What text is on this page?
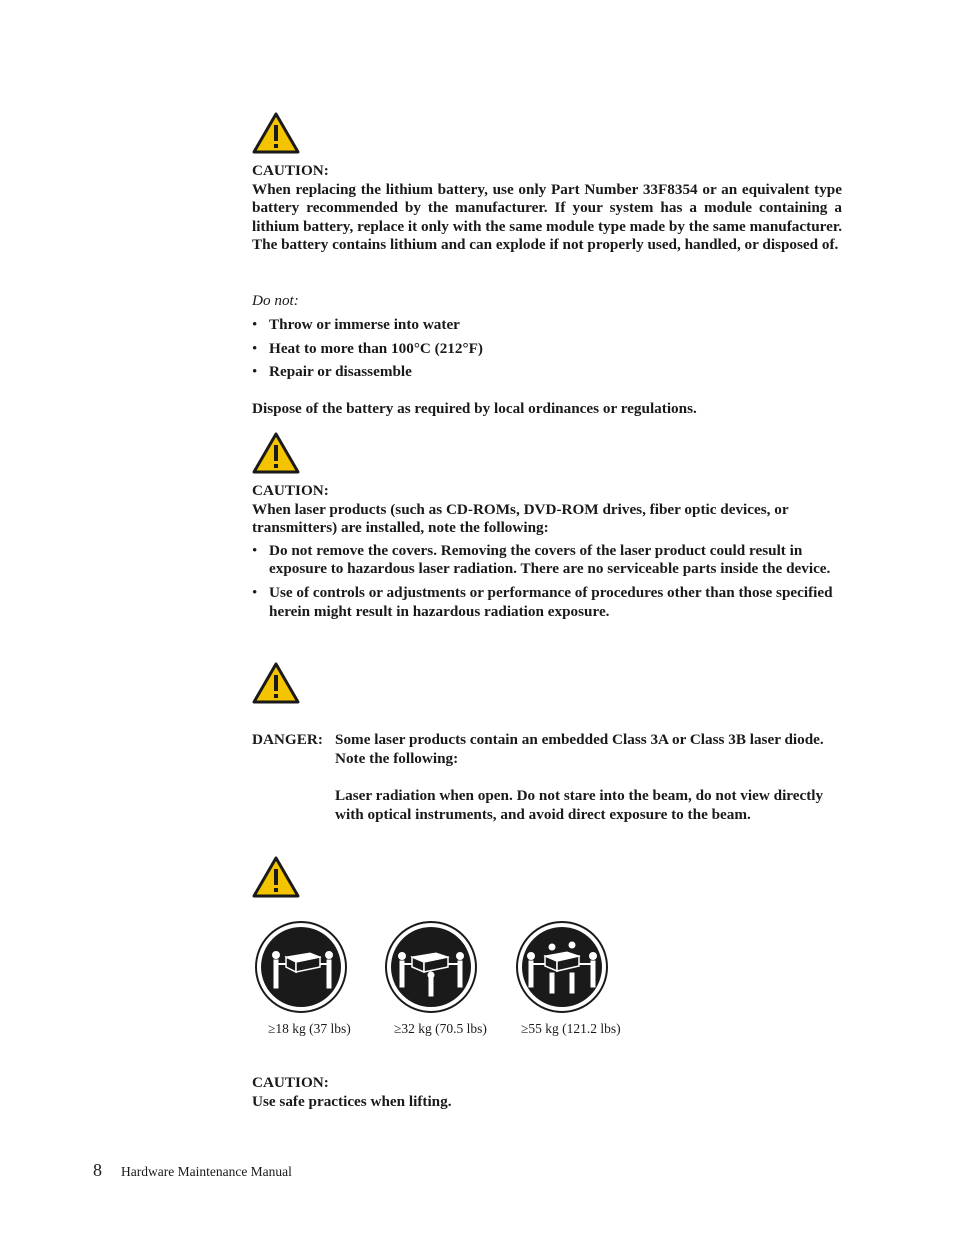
CAUTION:
When replacing the lithium battery, use only Part Number 33F8354 or an equivalent type battery recommended by the manufacturer. If your system has a module containing a lithium battery, replace it only with the same module type made by the same manufacturer. The battery contains lithium and can explode if not properly used, handled, or disposed of.
Do not:
• Throw or immerse into water
• Heat to more than 100°C (212°F)
• Repair or disassemble
Dispose of the battery as required by local ordinances or regulations.
CAUTION:
When laser products (such as CD-ROMs, DVD-ROM drives, fiber optic devices, or transmitters) are installed, note the following:
• Do not remove the covers. Removing the covers of the laser product could result in exposure to hazardous laser radiation. There are no serviceable parts inside the device.
• Use of controls or adjustments or performance of procedures other than those specified herein might result in hazardous radiation exposure.
DANGER: Some laser products contain an embedded Class 3A or Class 3B laser diode. Note the following:
Laser radiation when open. Do not stare into the beam, do not view directly with optical instruments, and avoid direct exposure to the beam.
≥18 kg (37 lbs)	≥32 kg (70.5 lbs)	≥55 kg (121.2 lbs)
CAUTION:
Use safe practices when lifting.
8 Hardware Maintenance Manual
